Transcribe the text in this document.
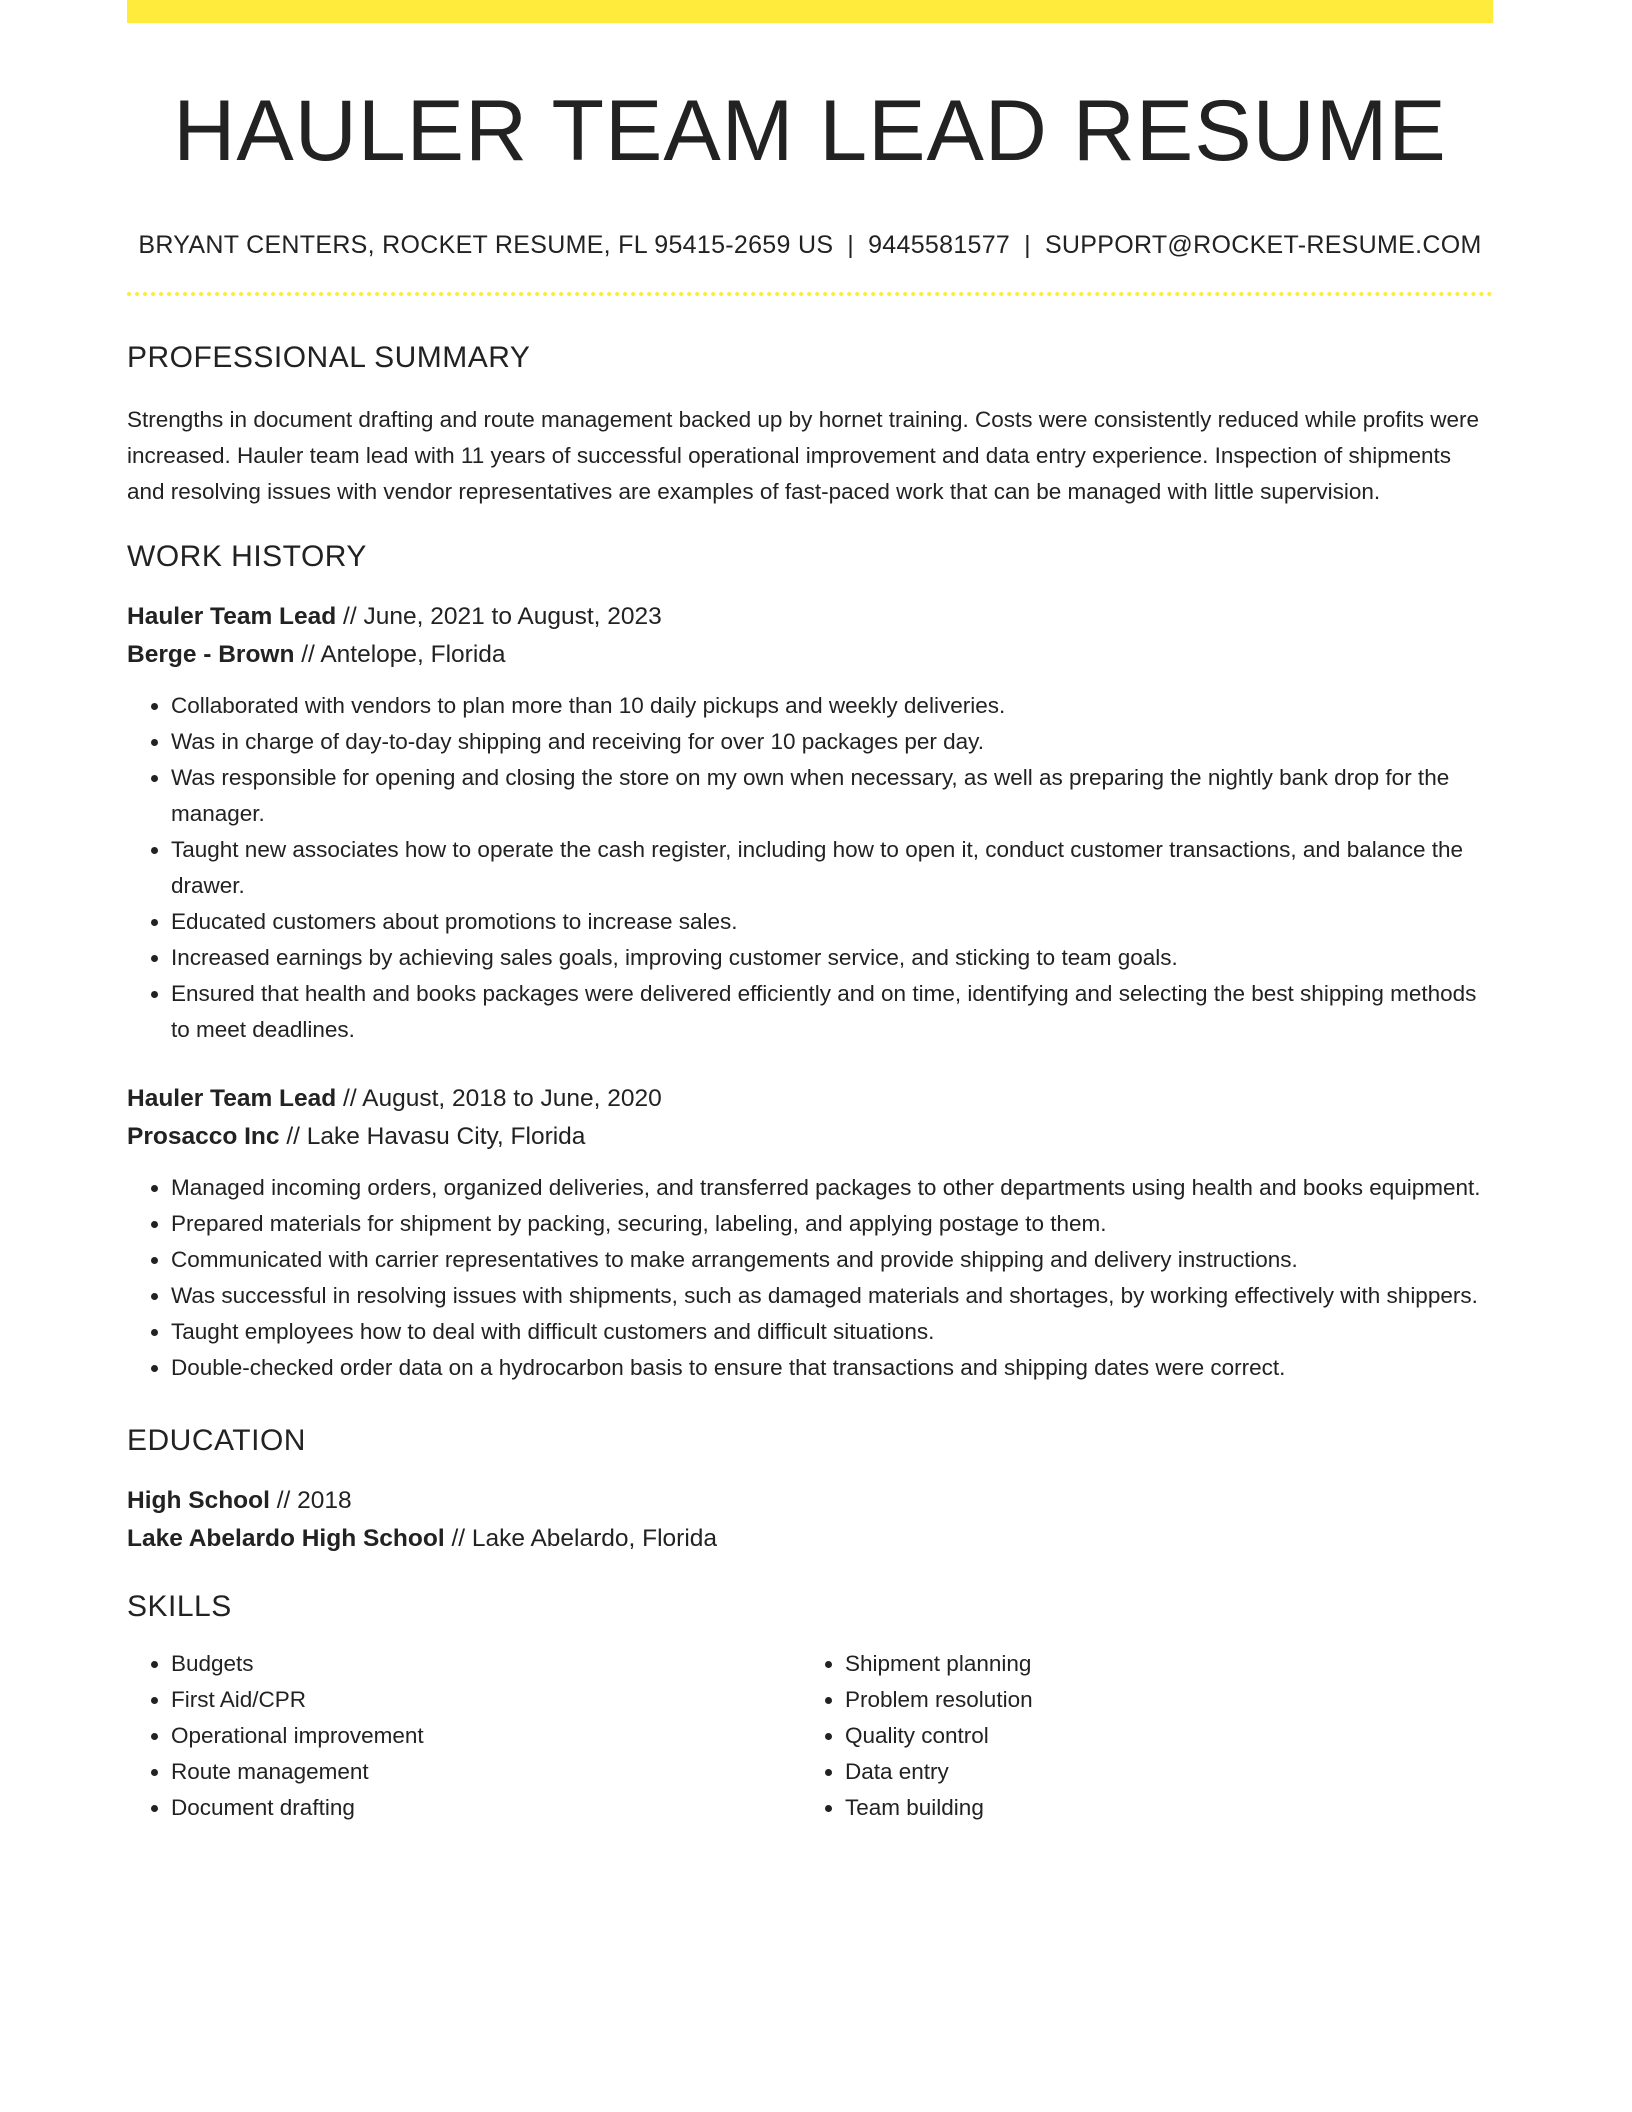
HAULER TEAM LEAD RESUME
BRYANT CENTERS, ROCKET RESUME, FL 95415-2659 US | 9445581577 | SUPPORT@ROCKET-RESUME.COM
PROFESSIONAL SUMMARY

Strengths in document drafting and route management backed up by hornet training. Costs were consistently reduced while profits were increased. Hauler team lead with 11 years of successful operational improvement and data entry experience. Inspection of shipments and resolving issues with vendor representatives are examples of fast-paced work that can be managed with little supervision.

WORK HISTORY
Hauler Team Lead // June, 2021 to August, 2023
Berge - Brown // Antelope, Florida
• Collaborated with vendors to plan more than 10 daily pickups and weekly deliveries.
• Was in charge of day-to-day shipping and receiving for over 10 packages per day.
• Was responsible for opening and closing the store on my own when necessary, as well as preparing the nightly bank drop for the manager.
• Taught new associates how to operate the cash register, including how to open it, conduct customer transactions, and balance the drawer.
• Educated customers about promotions to increase sales.
• Increased earnings by achieving sales goals, improving customer service, and sticking to team goals.
• Ensured that health and books packages were delivered efficiently and on time, identifying and selecting the best shipping methods to meet deadlines.
Hauler Team Lead // August, 2018 to June, 2020
Prosacco Inc // Lake Havasu City, Florida
• Managed incoming orders, organized deliveries, and transferred packages to other departments using health and books equipment.
• Prepared materials for shipment by packing, securing, labeling, and applying postage to them.
• Communicated with carrier representatives to make arrangements and provide shipping and delivery instructions.
• Was successful in resolving issues with shipments, such as damaged materials and shortages, by working effectively with shippers.
• Taught employees how to deal with difficult customers and difficult situations.
• Double-checked order data on a hydrocarbon basis to ensure that transactions and shipping dates were correct.
EDUCATION
High School // 2018
Lake Abelardo High School // Lake Abelardo, Florida
SKILLS
• Budgets
• First Aid/CPR
• Operational improvement
• Route management
• Document drafting
• Shipment planning
• Problem resolution
• Quality control
• Data entry
• Team building
